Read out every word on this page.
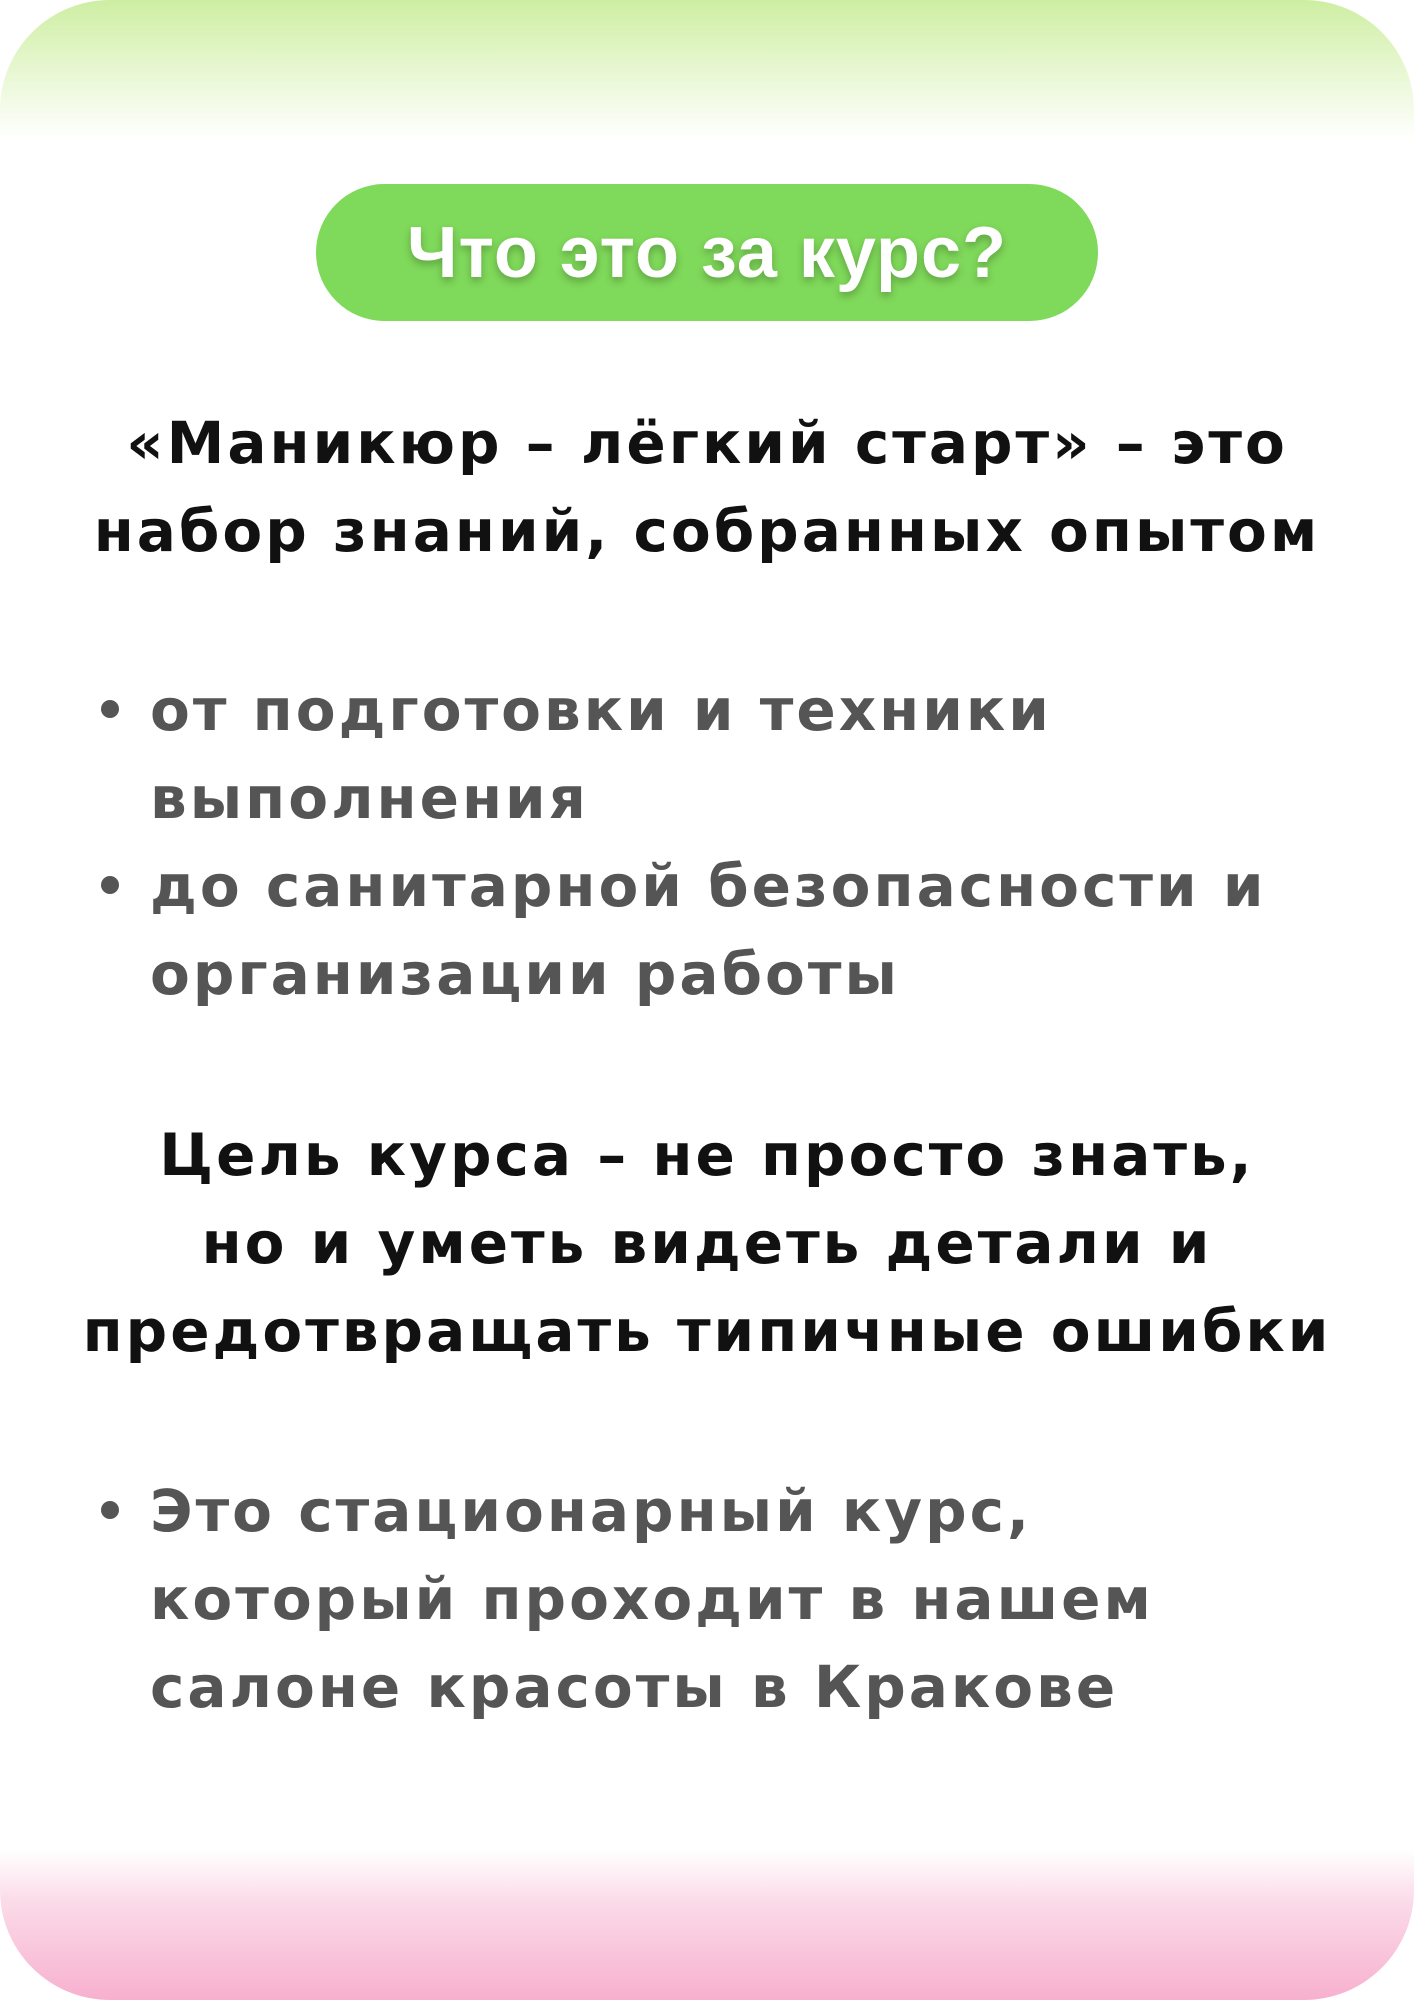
Что это за курс?
«Маникюр – лёгкий старт» – это
набор знаний, собранных опытом
от подготовки и техники
выполнения
до санитарной безопасности и
организации работы
Цель курса – не просто знать,
но и уметь видеть детали и
предотвращать типичные ошибки
Это стационарный курс,
который проходит в нашем
салоне красоты в Кракове
